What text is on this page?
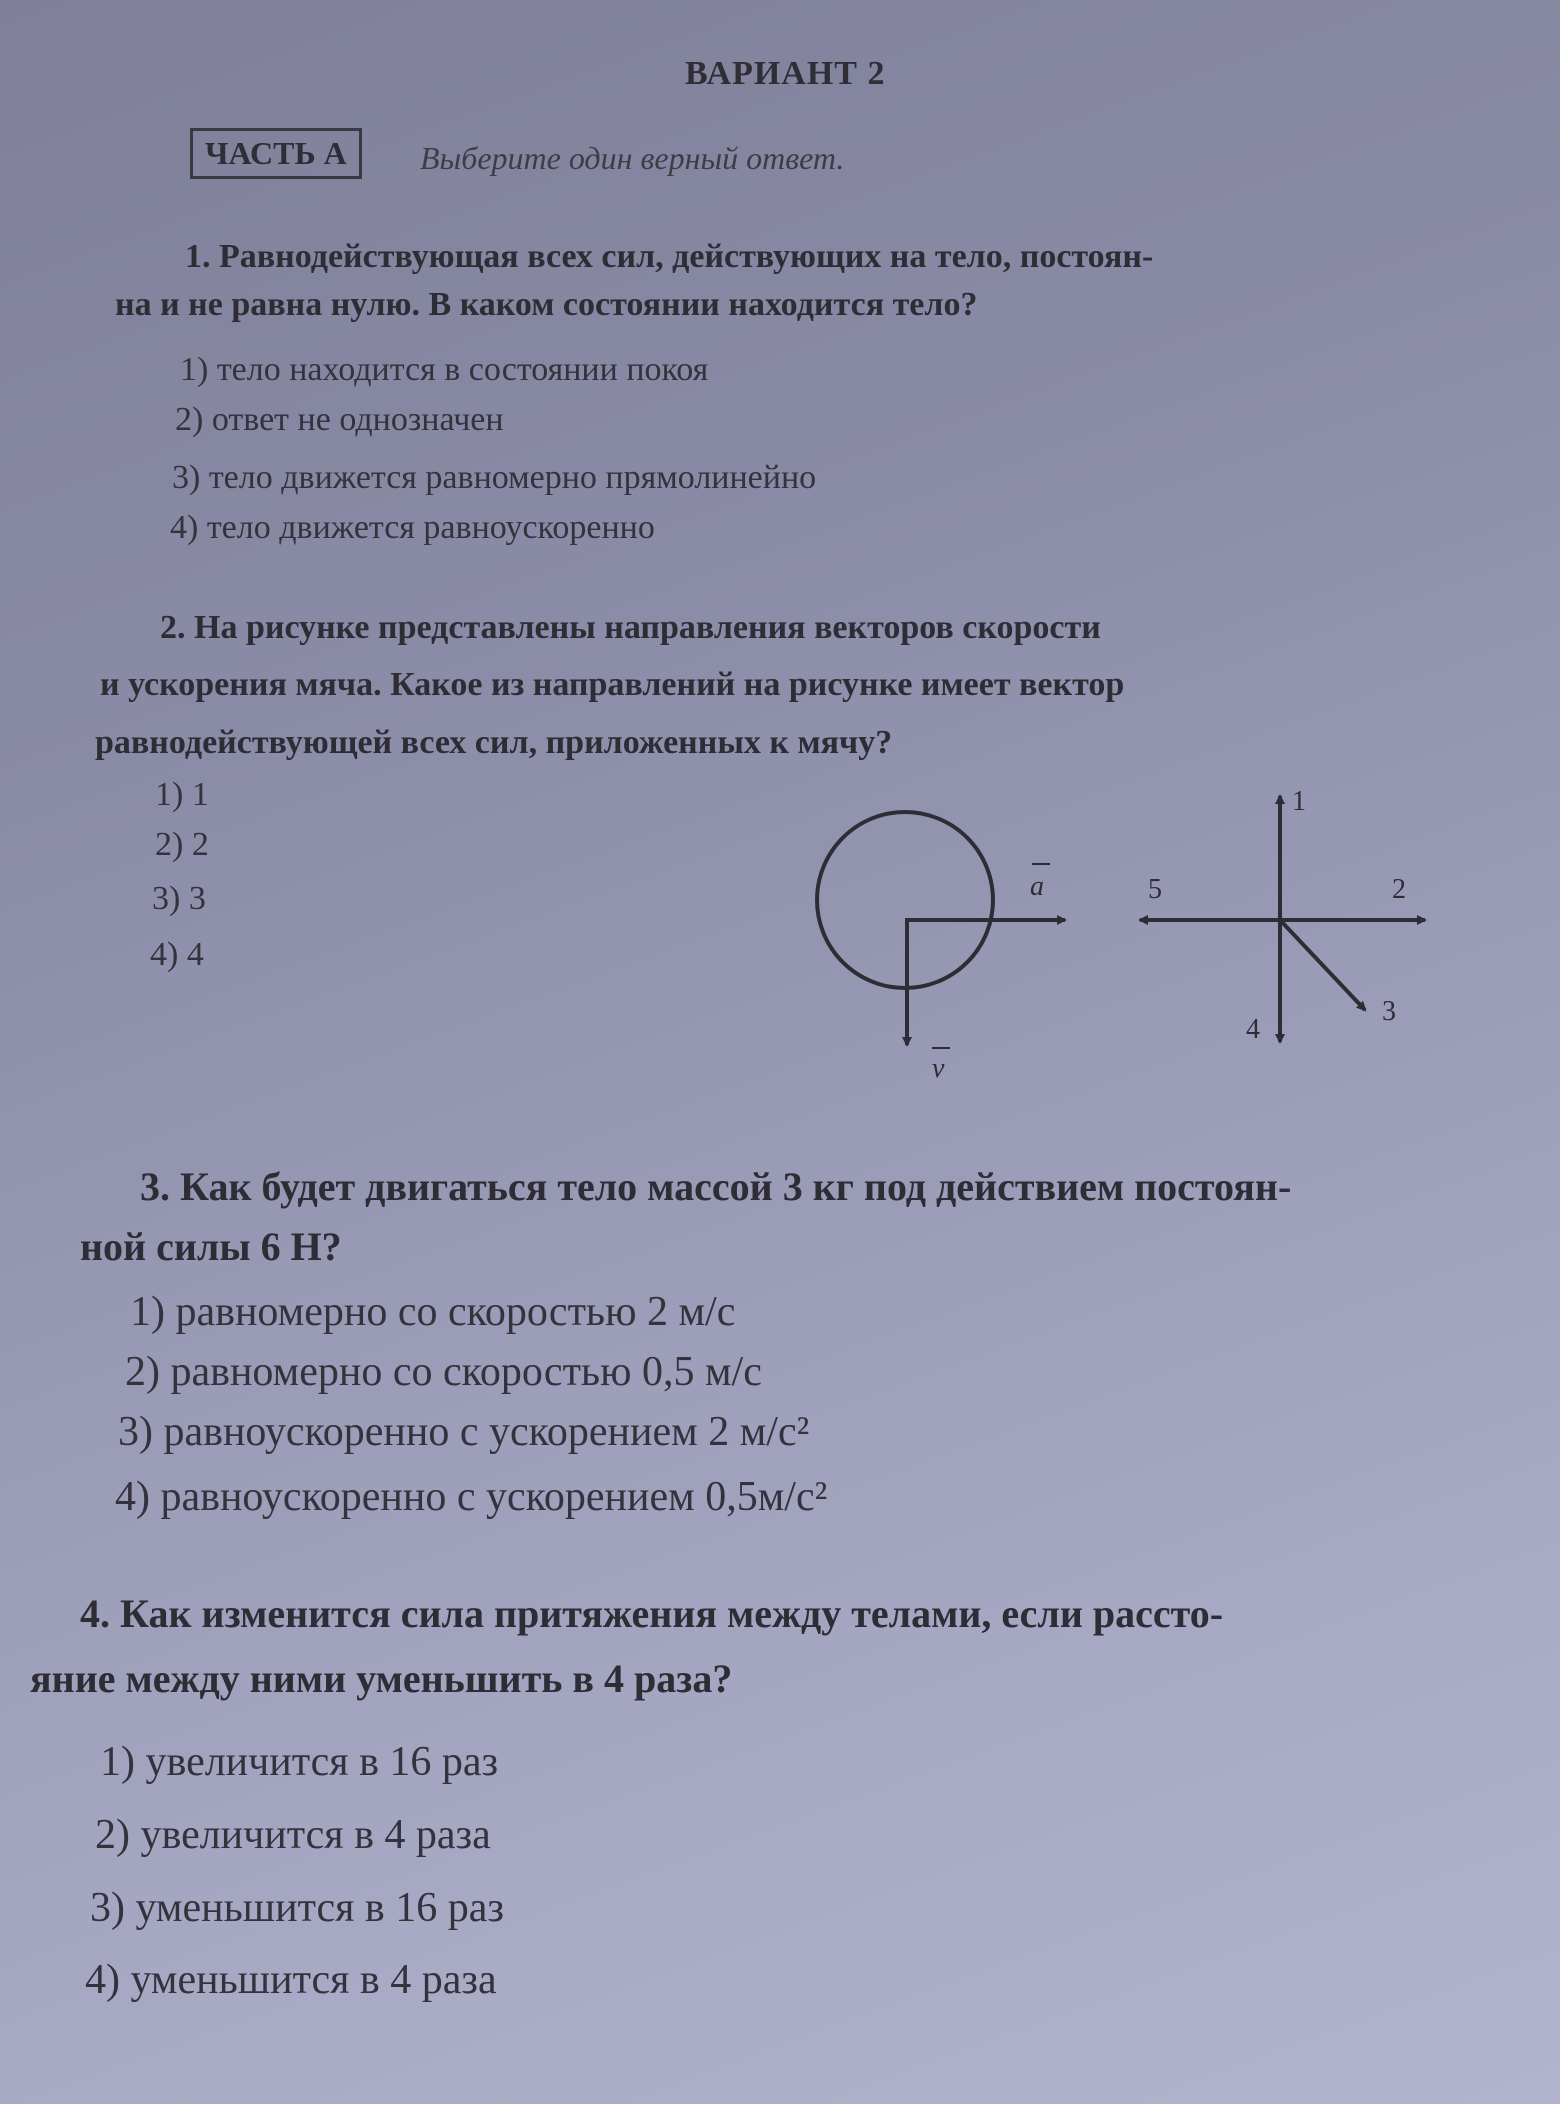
ВАРИАНТ 2
ЧАСТЬ А	Выберите один верный ответ.
1. Равнодействующая всех сил, действующих на тело, постоян-
на и не равна нулю. В каком состоянии находится тело?
1) тело находится в состоянии покоя
2) ответ не однозначен
3) тело движется равномерно прямолинейно
4) тело движется равноускоренно
2. На рисунке представлены направления векторов скорости
и ускорения мяча. Какое из направлений на рисунке имеет вектор
равнодействующей всех сил, приложенных к мячу?
1) 1
2) 2
3) 3
4) 4
a
v
1
2
3
4
5
3. Как будет двигаться тело массой 3 кг под действием постоян-
ной силы 6 Н?
1) равномерно со скоростью 2 м/с
2) равномерно со скоростью 0,5 м/с
3) равноускоренно с ускорением 2 м/с²
4) равноускоренно с ускорением 0,5м/с²
4. Как изменится сила притяжения между телами, если рассто-
яние между ними уменьшить в 4 раза?
1) увеличится в 16 раз
2) увеличится в 4 раза
3) уменьшится в 16 раз
4) уменьшится в 4 раза
